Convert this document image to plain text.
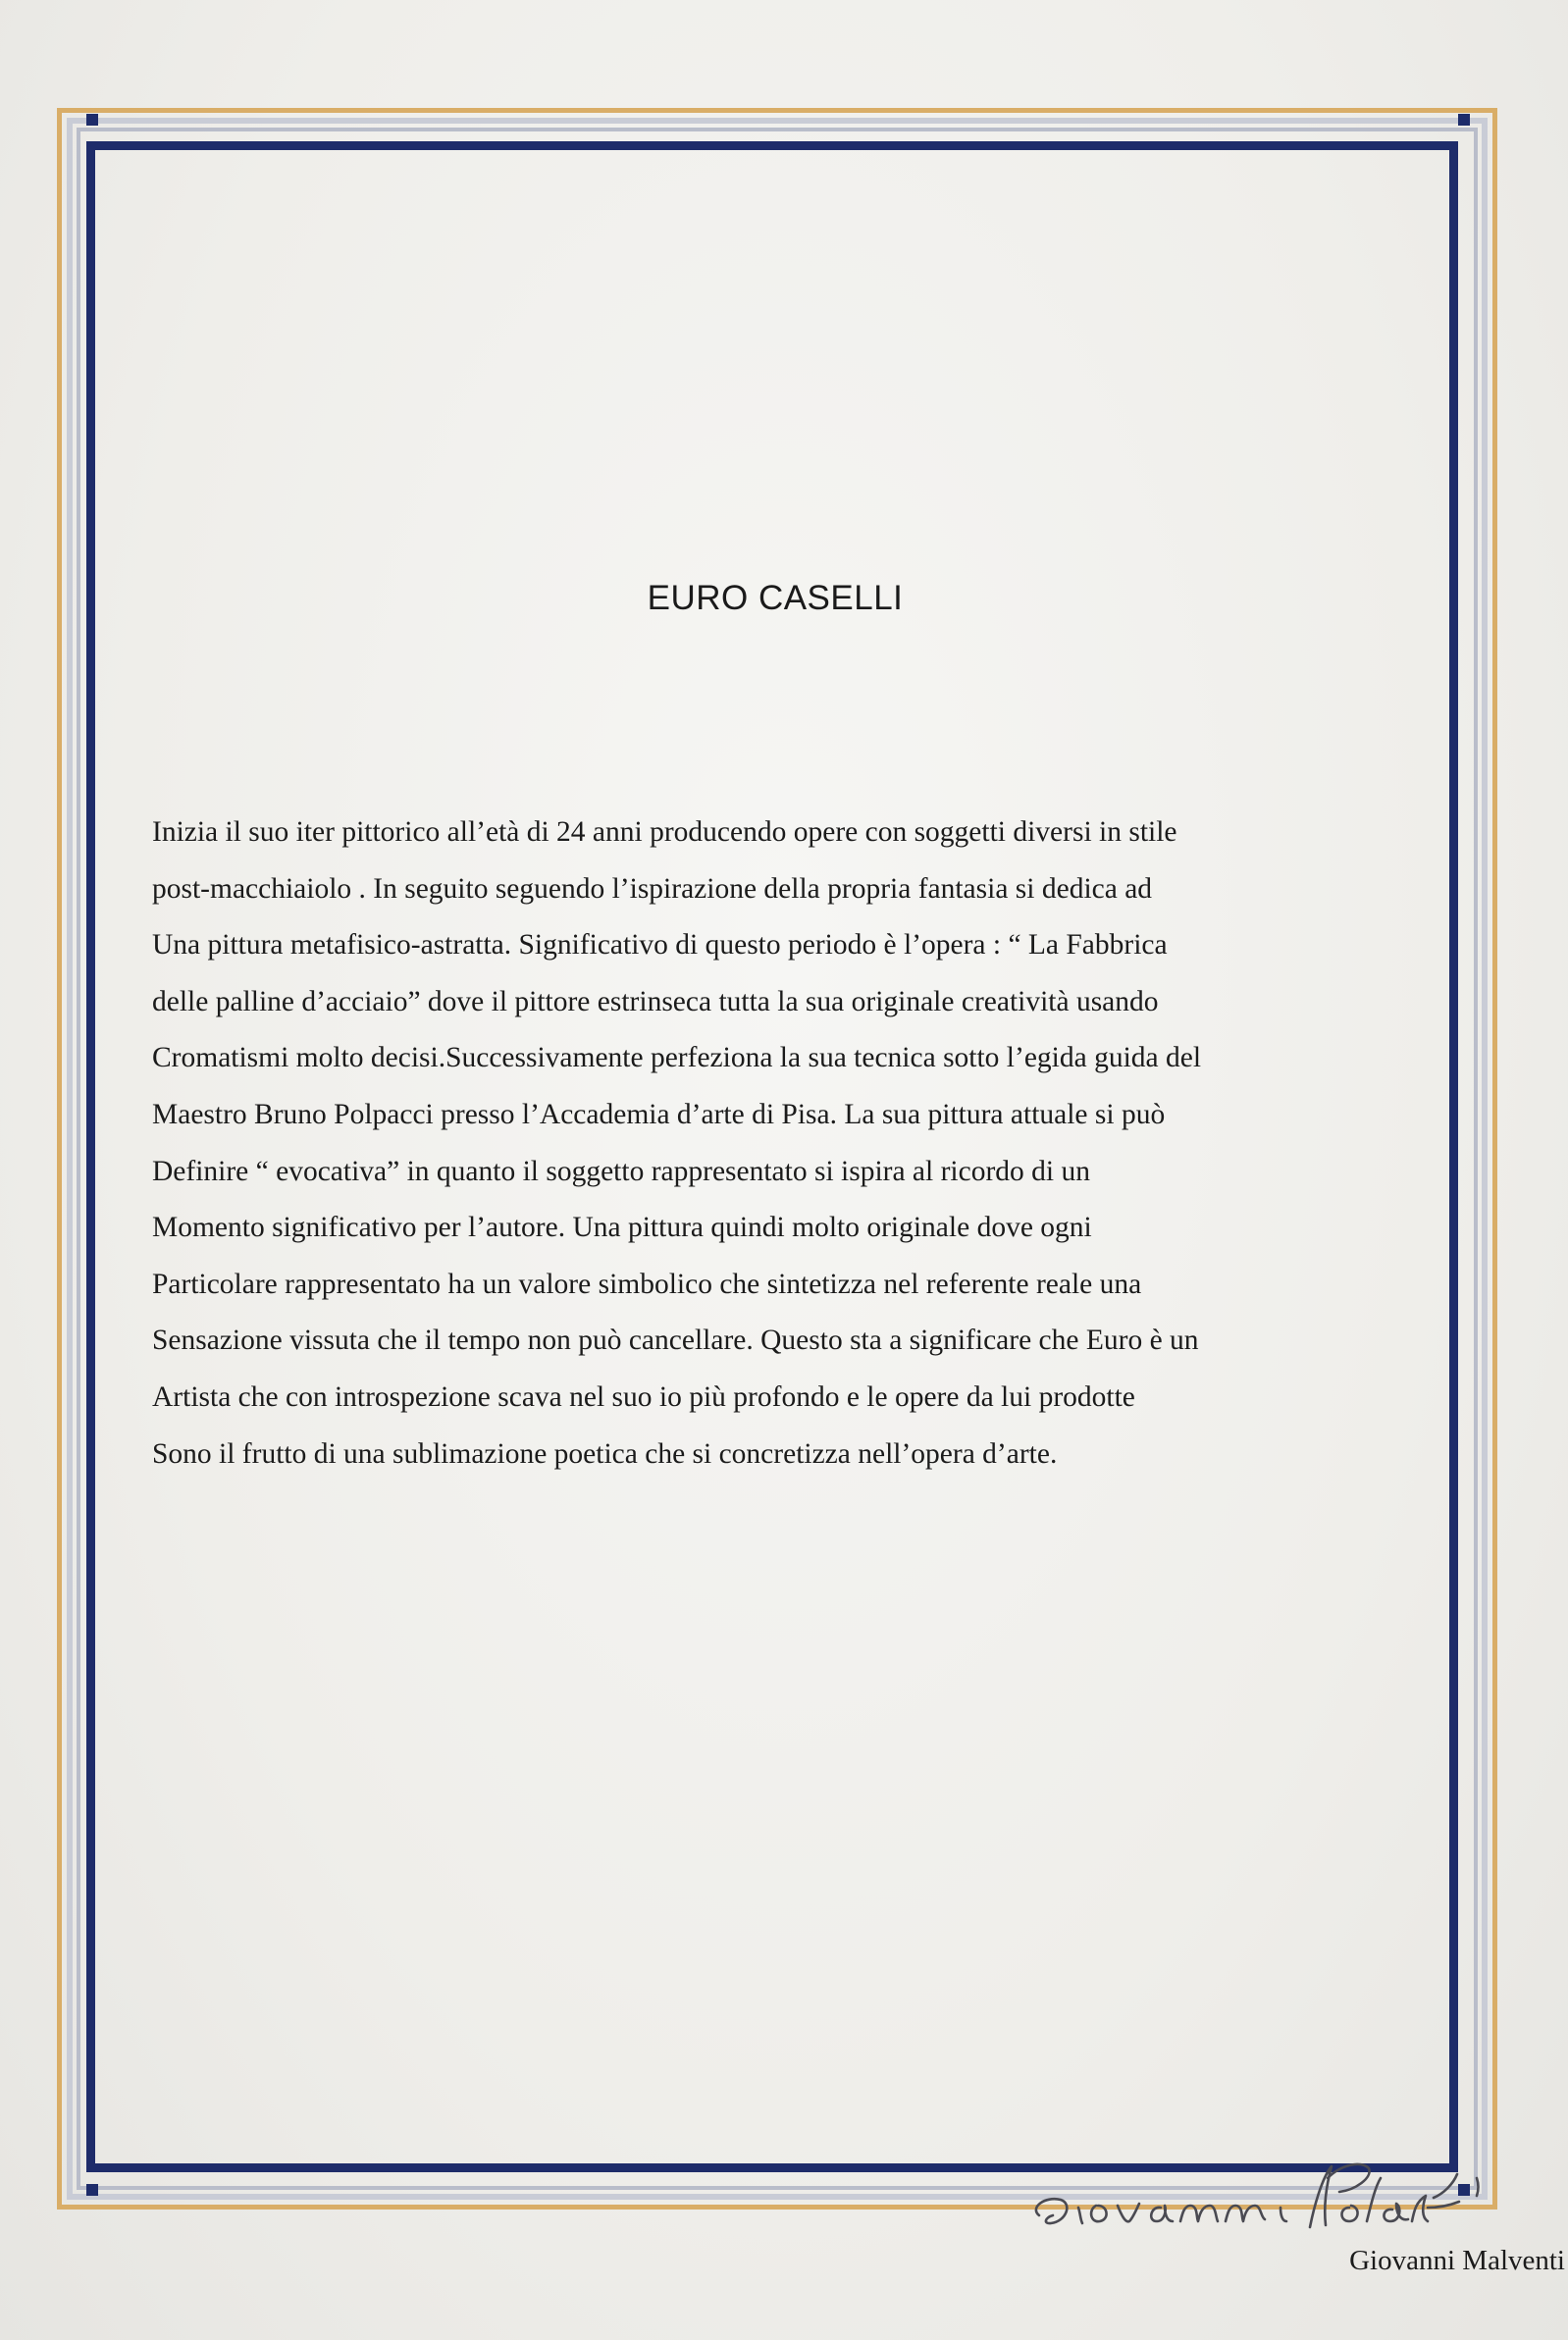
EURO CASELLI
Inizia il suo iter pittorico all’età di 24 anni producendo opere con soggetti diversi in stile
post-macchiaiolo . In seguito seguendo l’ispirazione della propria fantasia si dedica ad
Una pittura metafisico-astratta. Significativo di questo periodo è l’opera : “ La Fabbrica
delle palline d’acciaio” dove il pittore estrinseca tutta la sua originale creatività usando
Cromatismi molto decisi.Successivamente perfeziona la sua tecnica sotto l’egida guida del
Maestro Bruno Polpacci presso l’Accademia d’arte di Pisa. La sua pittura attuale si può
Definire “ evocativa” in quanto il soggetto rappresentato si ispira al ricordo di un
Momento significativo per l’autore. Una pittura quindi molto originale dove ogni
Particolare rappresentato ha un valore simbolico che sintetizza nel referente reale una
Sensazione vissuta che il tempo non può cancellare. Questo sta a significare che Euro è un
Artista che con introspezione scava nel suo io più profondo e le opere da lui prodotte
Sono il frutto di una sublimazione poetica che si concretizza nell’opera d’arte.
Giovanni Malventi
